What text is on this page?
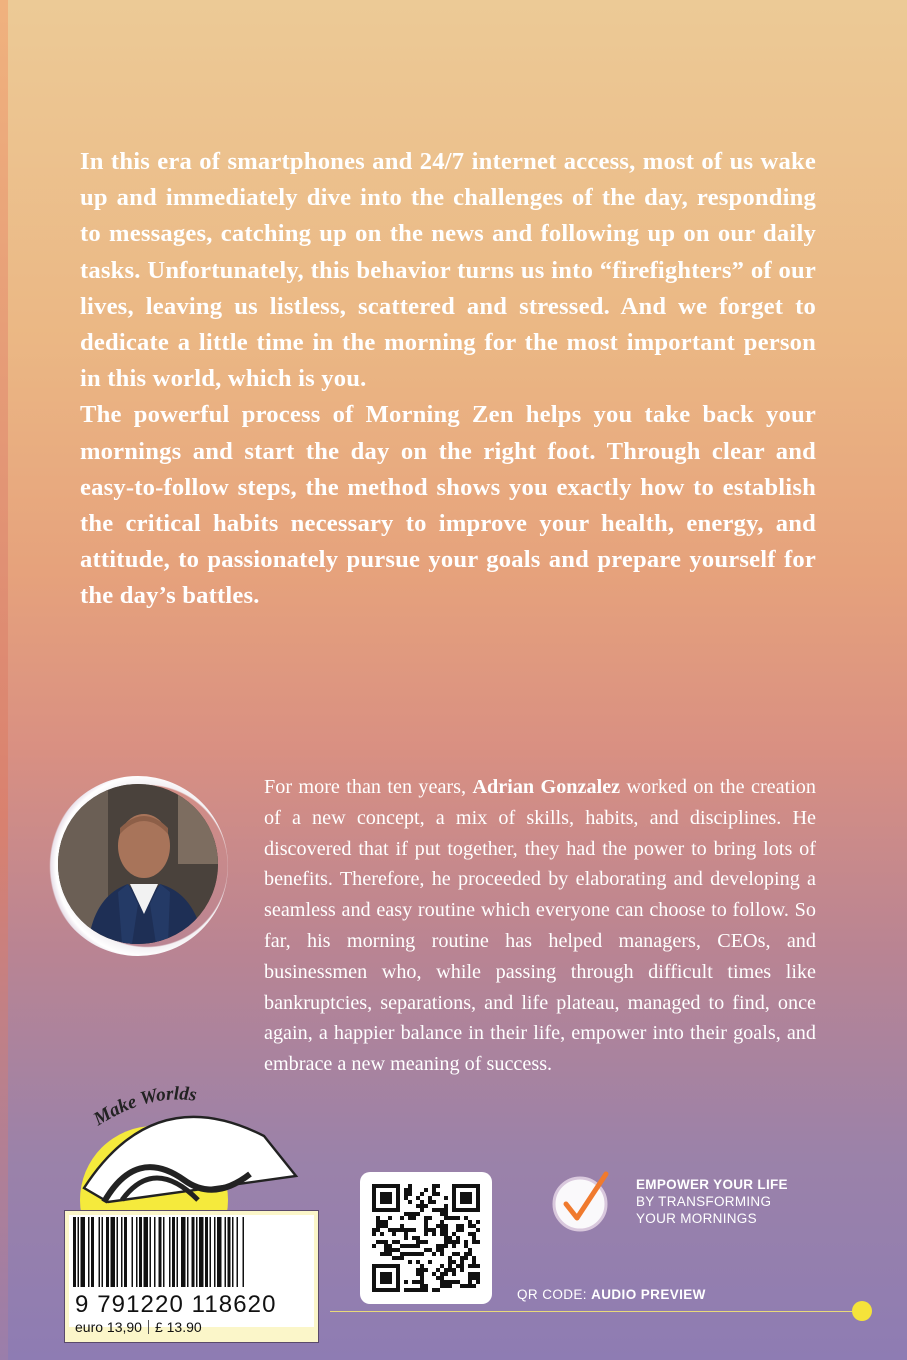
In this era of smartphones and 24/7 internet access, most of us wake up and immediately dive into the challenges of the day, responding to messages, catching up on the news and following up on our daily tasks. Unfortunately, this behavior turns us into “firefighters” of our lives, leaving us listless, scattered and stressed. And we forget to dedicate a little time in the morning for the most important person in this world, which is you.

The powerful process of Morning Zen helps you take back your mornings and start the day on the right foot. Through clear and easy-to-follow steps, the method shows you exactly how to establish the critical habits necessary to improve your health, energy, and attitude, to passionately pursue your goals and prepare yourself for the day’s battles.

For more than ten years, Adrian Gonzalez worked on the creation of a new concept, a mix of skills, habits, and disciplines. He discovered that if put together, they had the power to bring lots of benefits. Therefore, he proceeded by elaborating and developing a seamless and easy routine which everyone can choose to follow. So far, his morning routine has helped managers, CEOs, and businessmen who, while passing through difficult times like bankruptcies, separations, and life plateau, managed to find, once again, a happier balance in their life, empower into their goals, and embrace a new meaning of success.

Make Worlds
9 791220 118620
euro 13,90 £ 13.90
EMPOWER YOUR LIFE
BY TRANSFORMING
YOUR MORNINGS
QR CODE: AUDIO PREVIEW
